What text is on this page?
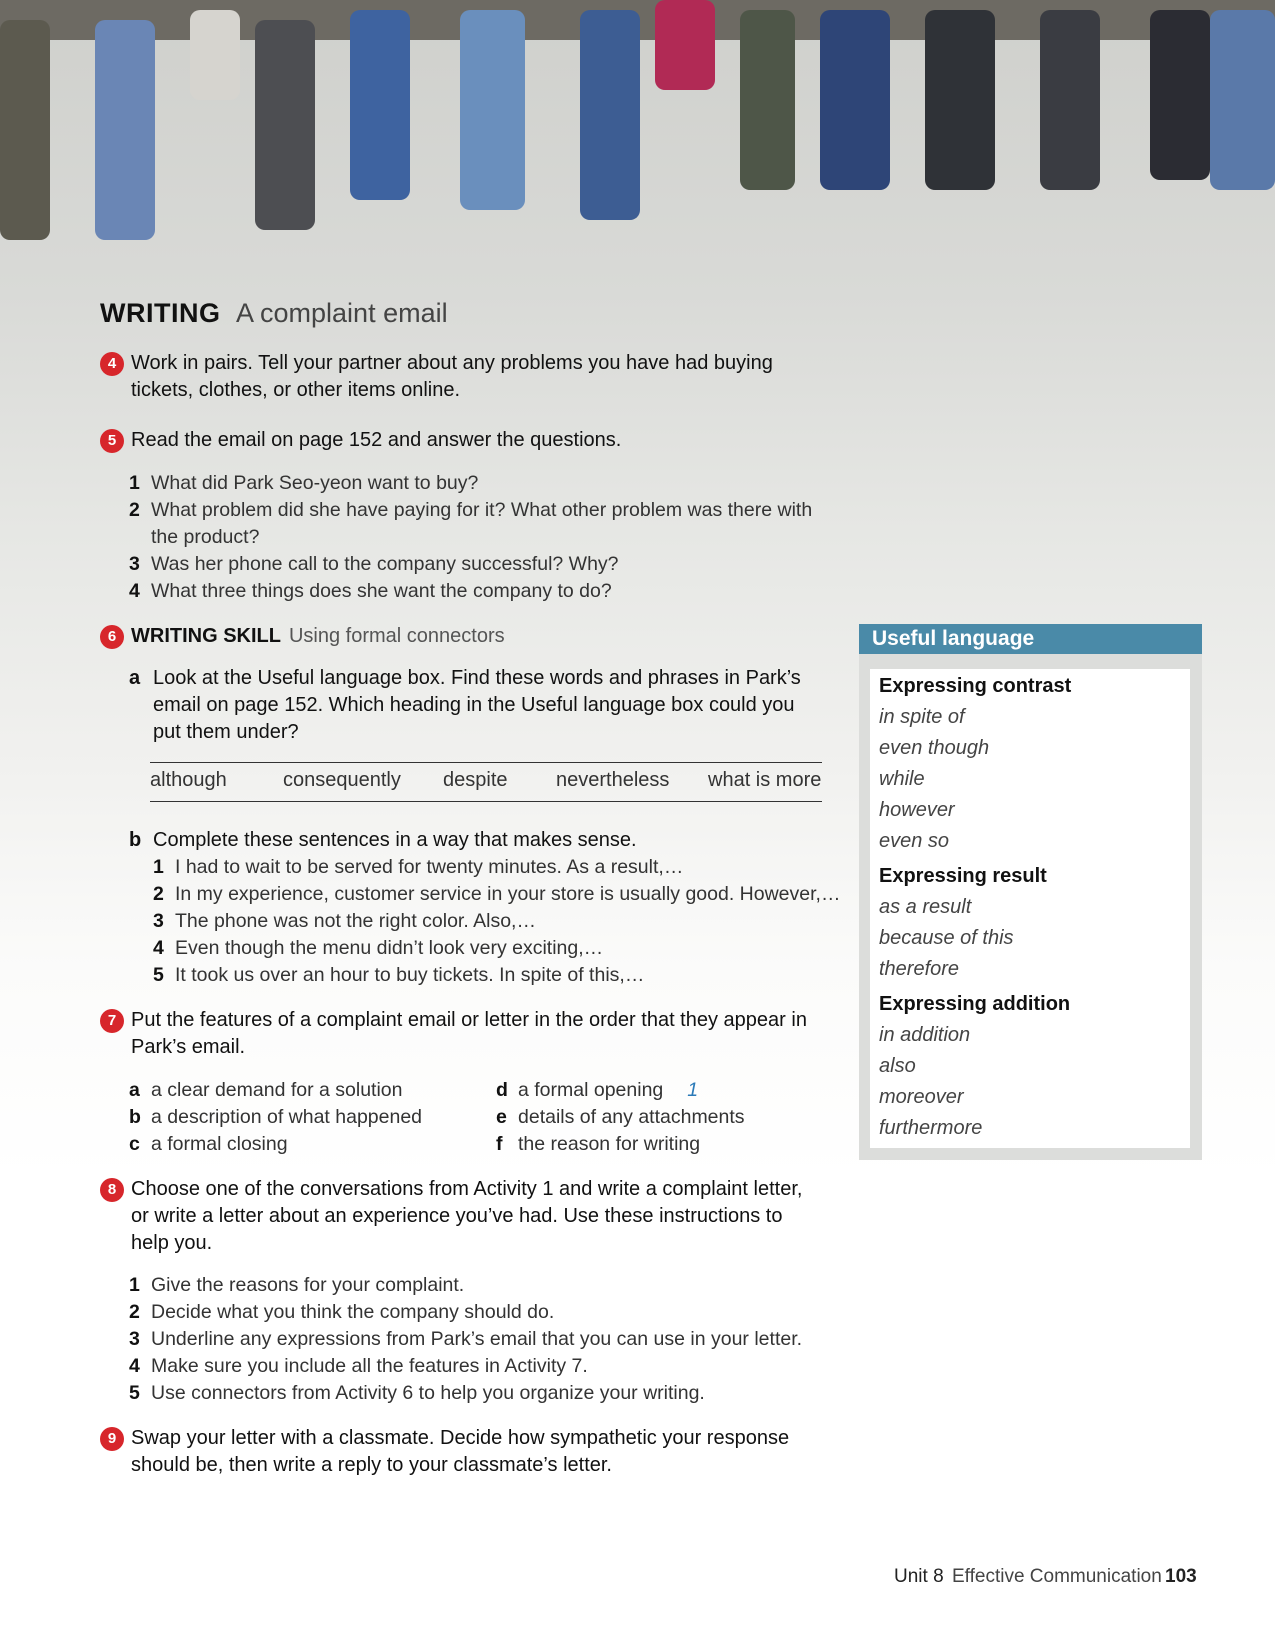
WRITING A complaint email
4 Work in pairs. Tell your partner about any problems you have had buying
tickets, clothes, or other items online.
5 Read the email on page 152 and answer the questions.
1 What did Park Seo-yeon want to buy?
2 What problem did she have paying for it? What other problem was there with
the product?
3 Was her phone call to the company successful? Why?
4 What three things does she want the company to do?
6 WRITING SKILL Using formal connectors
a Look at the Useful language box. Find these words and phrases in Park’s
email on page 152. Which heading in the Useful language box could you
put them under?
although	consequently despite nevertheless what is more
b Complete these sentences in a way that makes sense.
1 I had to wait to be served for twenty minutes. As a result,…
2 In my experience, customer service in your store is usually good. However,…
3 The phone was not the right color. Also,…
4 Even though the menu didn’t look very exciting,…
5 It took us over an hour to buy tickets. In spite of this,…
7 Put the features of a complaint email or letter in the order that they appear in
Park’s email.
a a clear demand for a solution
b a description of what happened
c a formal closing
d a formal opening 1
e details of any attachments
f the reason for writing
8 Choose one of the conversations from Activity 1 and write a complaint letter,
or write a letter about an experience you’ve had. Use these instructions to
help you.
1 Give the reasons for your complaint.
2 Decide what you think the company should do.
3 Underline any expressions from Park’s email that you can use in your letter.
4 Make sure you include all the features in Activity 7.
5 Use connectors from Activity 6 to help you organize your writing.
9 Swap your letter with a classmate. Decide how sympathetic your response
should be, then write a reply to your classmate’s letter.
Useful language
Expressing contrast
in spite of
even though
while
however
even so
Expressing result
as a result
because of this
therefore
Expressing addition
in addition
also
moreover
furthermore
Unit 8 Effective Communication 103
